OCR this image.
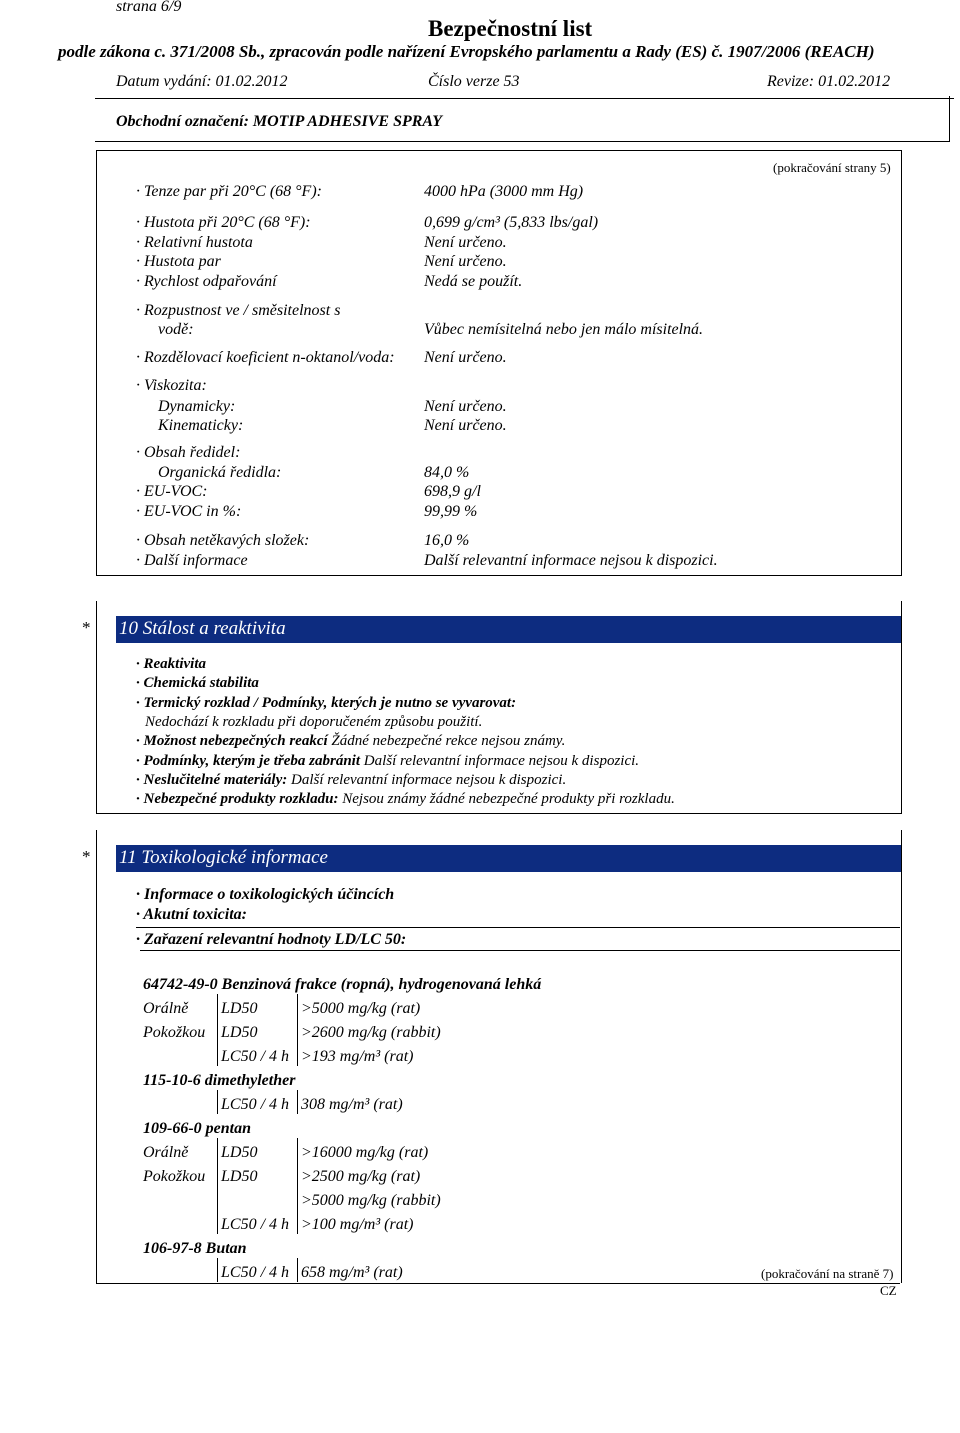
strana 6/9
Bezpečnostní list
podle zákona c. 371/2008 Sb., zpracován podle nařízení Evropského parlamentu a Rady (ES) č. 1907/2006 (REACH)
Datum vydání: 01.02.2012	Číslo verze 53	Revize: 01.02.2012
Obchodní označení: MOTIP ADHESIVE SPRAY
(pokračování strany 5)
· Tenze par při 20°C (68 °F):	4000 hPa (3000 mm Hg)
· Hustota při 20°C (68 °F):	0,699 g/cm³ (5,833 lbs/gal)
· Relativní hustota	Není určeno.
· Hustota par	Není určeno.
· Rychlost odpařování	Nedá se použít.
· Rozpustnost ve / směsitelnost s
vodě:	Vůbec nemísitelná nebo jen málo mísitelná.
· Rozdělovací koeficient n-oktanol/voda: Není určeno.
· Viskozita:
Dynamicky:	Není určeno.
Kinematicky:	Není určeno.
· Obsah ředidel:
Organická ředidla:	84,0 %
· EU-VOC:	698,9 g/l
· EU-VOC in %:	99,99 %
· Obsah netěkavých složek:	16,0 %
· Další informace	Další relevantní informace nejsou k dispozici.
* 10 Stálost a reaktivita
· Reaktivita
· Chemická stabilita
· Termický rozklad / Podmínky, kterých je nutno se vyvarovat:
Nedochází k rozkladu při doporučeném způsobu použití.
· Možnost nebezpečných reakcí Žádné nebezpečné rekce nejsou známy.
· Podmínky, kterým je třeba zabránit Další relevantní informace nejsou k dispozici.
· Neslučitelné materiály: Další relevantní informace nejsou k dispozici.
· Nebezpečné produkty rozkladu: Nejsou známy žádné nebezpečné produkty při rozkladu.
* 11 Toxikologické informace
· Informace o toxikologických účincích
· Akutní toxicita:
· Zařazení relevantní hodnoty LD/LC 50:
64742-49-0 Benzinová frakce (ropná), hydrogenovaná lehká		
Orálně	LD50	>5000 mg/kg (rat)
Pokožkou	LD50	>2600 mg/kg (rabbit)
	LC50 / 4 h	>193 mg/m³ (rat)
115-10-6 dimethylether		
	LC50 / 4 h	308 mg/m³ (rat)
109-66-0 pentan		
Orálně	LD50	>16000 mg/kg (rat)
Pokožkou	LD50	>2500 mg/kg (rat)
		>5000 mg/kg (rabbit)
	LC50 / 4 h	>100 mg/m³ (rat)
106-97-8 Butan		
	LC50 / 4 h	658 mg/m³ (rat)	(pokračování na straně 7)
CZ
